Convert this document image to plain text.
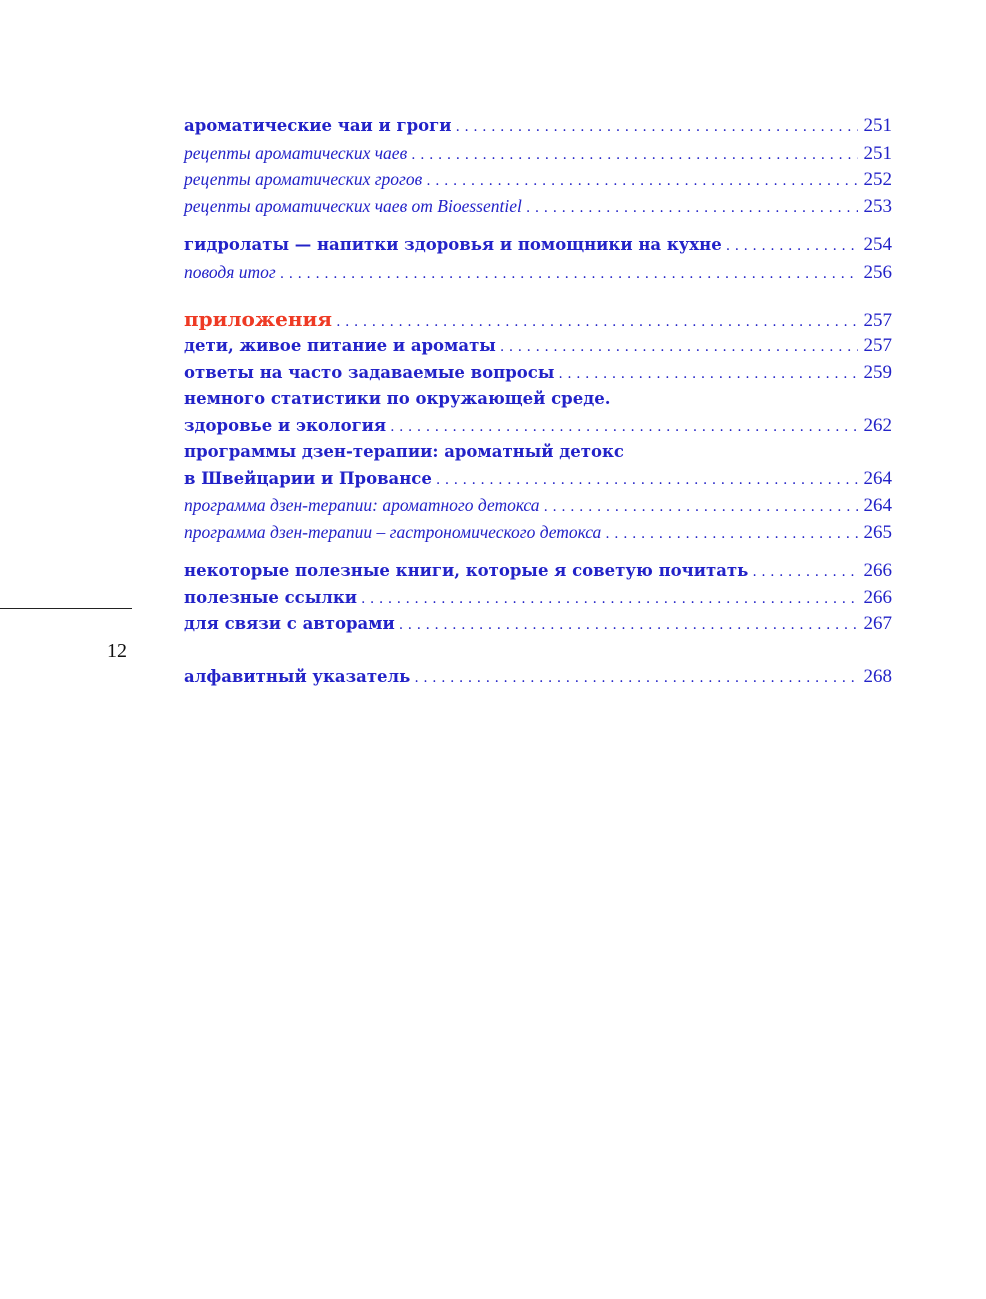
ароматические чаи и гроги . . .	251
рецепты ароматических чаев . . .	251
рецепты ароматических грогов . . .	252
рецепты ароматических чаев от Bioessentiel . . .	253
гидролаты — напитки здоровья и помощники на кухне . . .	254
поводя итог . . .	256
приложения . . .	257
дети, живое питание и ароматы . . .	257
ответы на часто задаваемые вопросы . . .	259
немного статистики по окружающей среде.
здоровье и экология . . .	262
программы дзен-терапии: ароматный детокс
в Швейцарии и Провансе . . .	264
программа дзен-терапии: ароматного детокса . . .	264
программа дзен-терапии – гастрономического детокса . . .	265
некоторые полезные книги, которые я советую почитать . . .	266
полезные ссылки . . .	266
для связи с авторами . . .	267
алфавитный указатель . . .	268
12
